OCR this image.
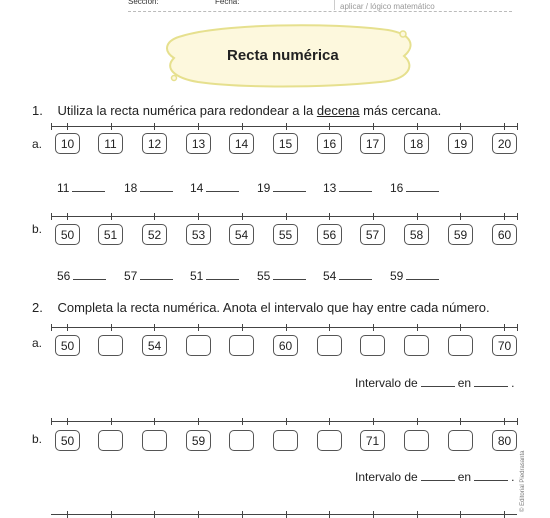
Sección:	Fecha:
aplicar / lógico matemático
Recta numérica
1. Utiliza la recta numérica para redondear a la decena más cercana.
a.	10	11	12	13	14	15	16	17	18	19	20
11	18	14	19	13	16
b.	50	51	52	53	54	55	56	57	58	59	60
56	57	51	55	54	59
2. Completa la recta numérica. Anota el intervalo que hay entre cada número.
a.	50	54	60	70
Intervalo de	en	.
b.	50	59	71	80
Intervalo de	en	. © Editorial Piedrasanta
